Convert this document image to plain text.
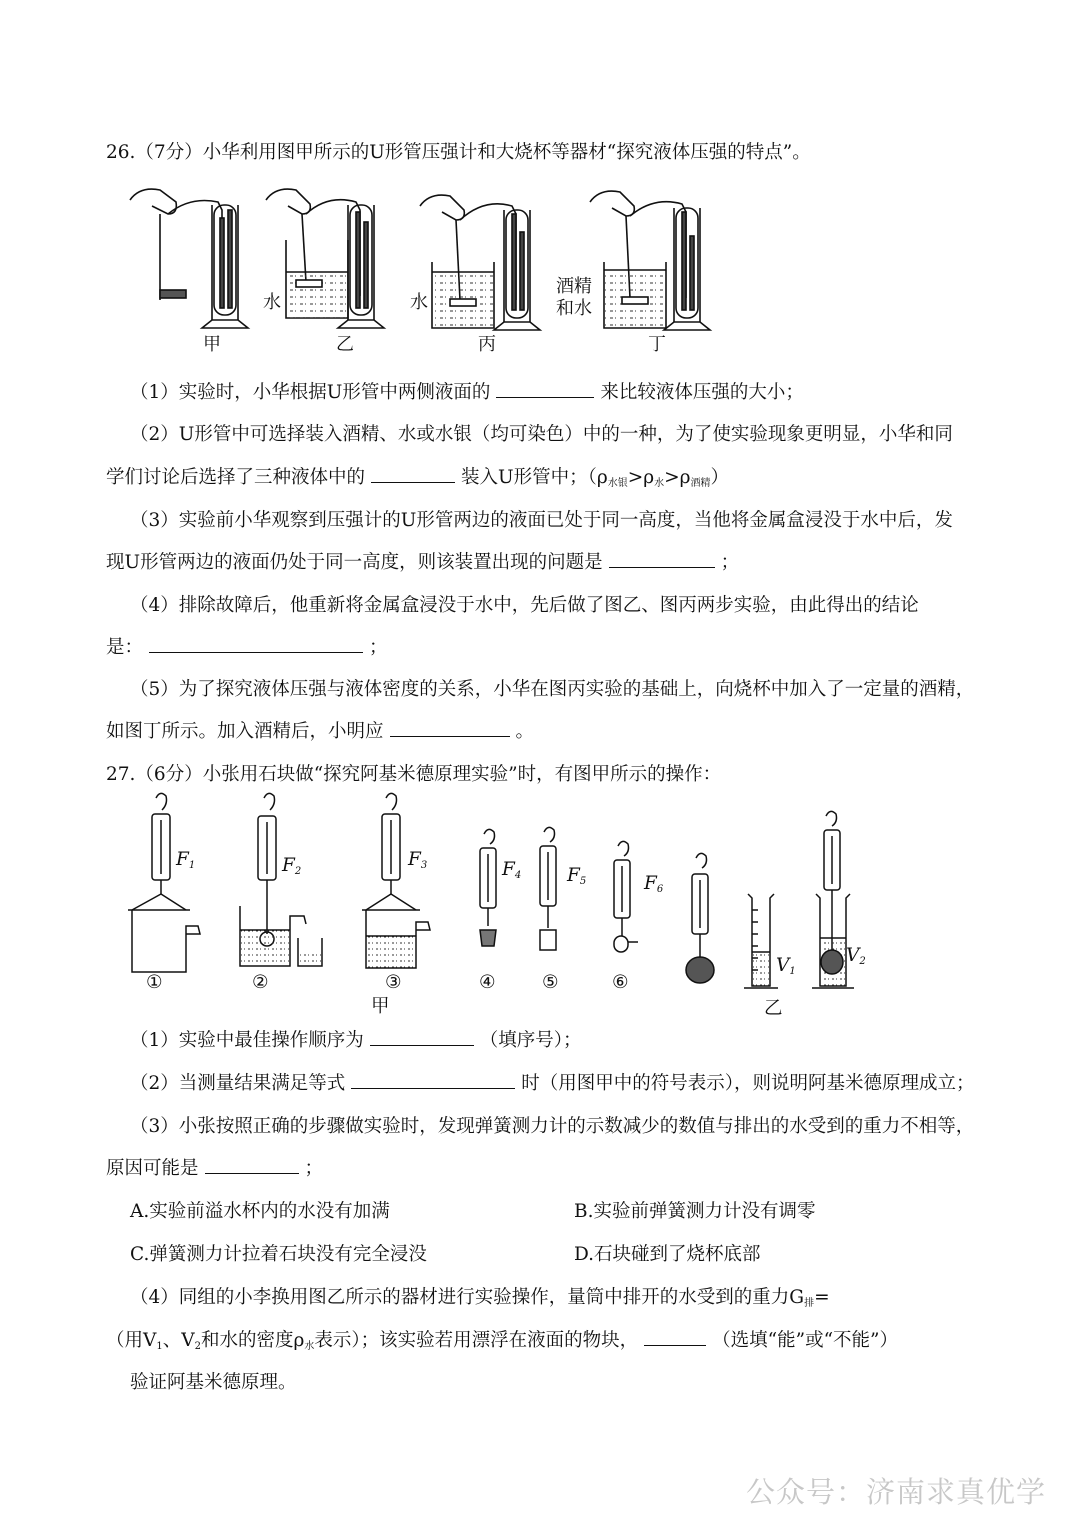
26.（7分）小华利用图甲所示的U形管压强计和大烧杯等器材“探究液体压强的特点”。
甲
水
乙
水
丙
酒精
和水
丁
（1）实验时，小华根据U形管中两侧液面的	来比较液体压强的大小；
（2）U形管中可选择装入酒精、水或水银（均可染色）中的一种，为了使实验现象更明显，小华和同
学们讨论后选择了三种液体中的	装入U形管中；$(\rho_{水银}>\rho_水>\rho_{酒精})$
（3）实验前小华观察到压强计的U形管两边的液面已处于同一高度，当他将金属盒浸没于水中后，发
现U形管两边的液面仍处于同一高度，则该装置出现的问题是	；
（4）排除故障后，他重新将金属盒浸没于水中，先后做了图乙、图丙两步实验，由此得出的结论
是：	；
（5）为了探究液体压强与液体密度的关系，小华在图丙实验的基础上，向烧杯中加入了一定量的酒精，
如图丁所示。加入酒精后，小明应	。
27.（6分）小张用石块做“探究阿基米德原理实验”时，有图甲所示的操作：
$F_1$	$F_2$
$F_3$	$F_4$ $F_5$	$F_6$
$V_1$
$V_2$
①	②	③	④	⑤	⑥
甲	乙
（1）实验中最佳操作顺序为	（填序号）；
（2）当测量结果满足等式	时（用图甲中的符号表示），则说明阿基米德原理成立；
（3）小张按照正确的步骤做实验时，发现弹簧测力计的示数减少的数值与排出的水受到的重力不相等，
原因可能是	；
A.实验前溢水杯内的水没有加满	B.实验前弹簧测力计没有调零
C.弹簧测力计拉着石块没有完全浸没	D.石块碰到了烧杯底部
（4）同组的小李换用图乙所示的器材进行实验操作，量筒中排开的水受到的重力$G_排=$
（用$V_1$、$V_2$和水的密度$\rho_水$表示）；该实验若用漂浮在液面的物块，	（选填“能”或“不能”）
验证阿基米德原理。
公众号：济南求真优学
